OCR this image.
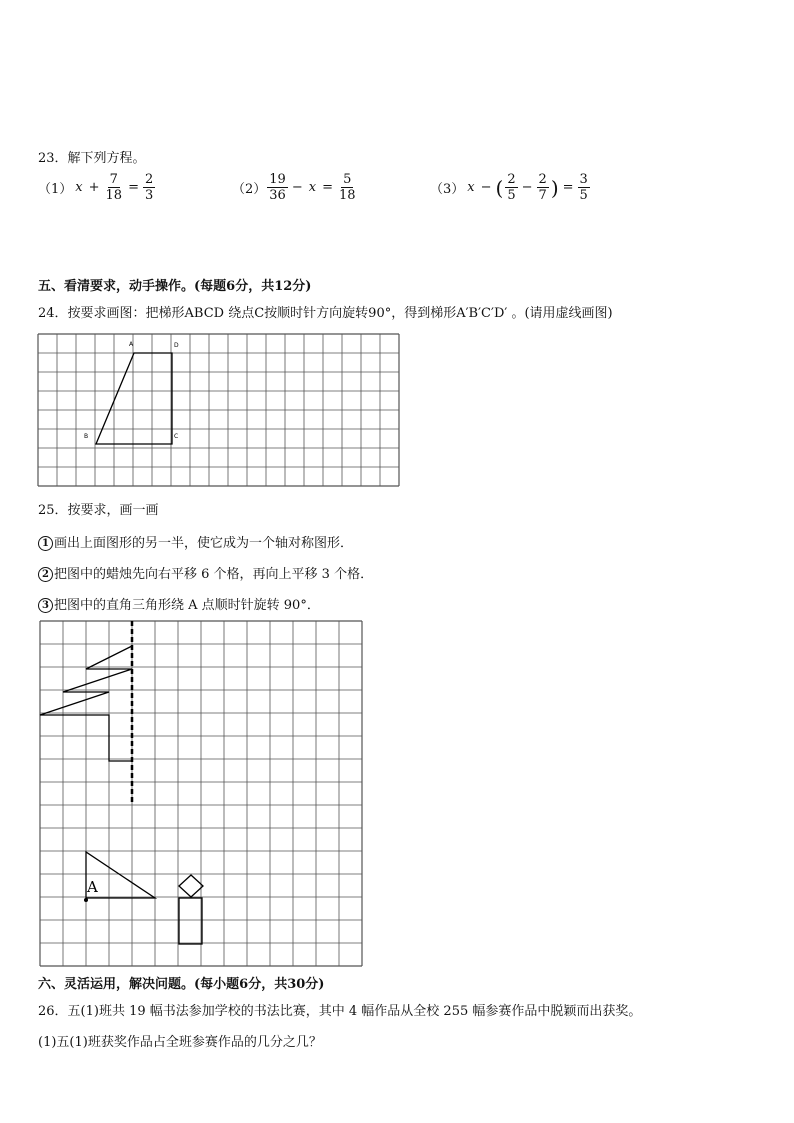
23．解下列方程。
（1） $x + \frac{7}{18} = \frac{2}{3}$	$(2) \frac{19}{36} - x = \frac{5}{18}$	（3） x − ( $\frac{2}{5} - \frac{2}{7}$ ) = $\frac{3}{5}$
五、看清要求，动手操作。(每题6分，共12分)
24．按要求画图：把梯形ABCD 绕点C按顺时针方向旋转90°，得到梯形A′B′C′D′ 。(请用虚线画图)
A	D
B	C
25．按要求，画一画
1 画出上面图形的另一半，使它成为一个轴对称图形．
2 把图中的蜡烛先向右平移 6 个格，再向上平移 3 个格．
3 把图中的直角三角形绕 A 点顺时针旋转 90°．
A
六、灵活运用，解决问题。(每小题6分，共30分)
26．五(1)班共 19 幅书法参加学校的书法比赛，其中 4 幅作品从全校 255 幅参赛作品中脱颖而出获奖。
(1)五(1)班获奖作品占全班参赛作品的几分之几？
